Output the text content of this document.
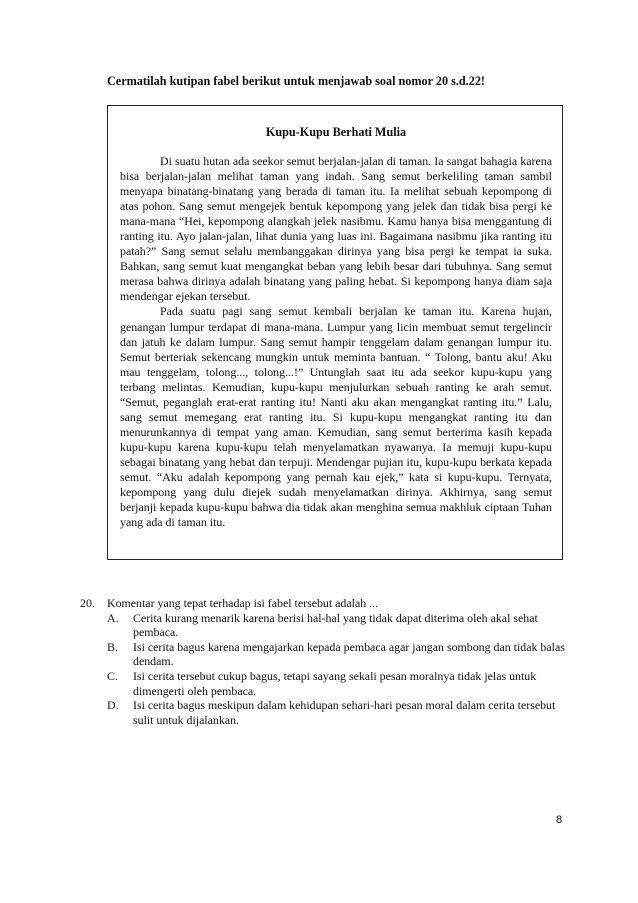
Cermatilah kutipan fabel berikut untuk menjawab soal nomor 20 s.d.22!
Kupu-Kupu Berhati Mulia

Di suatu hutan ada seekor semut berjalan-jalan di taman. Ia sangat bahagia karena bisa berjalan-jalan melihat taman yang indah. Sang semut berkeliling taman sambil menyapa binatang-binatang yang berada di taman itu. Ia melihat sebuah kepompong di atas pohon. Sang semut mengejek bentuk kepompong yang jelek dan tidak bisa pergi ke mana-mana “Hei, kepompong alangkah jelek nasibmu. Kamu hanya bisa menggantung di ranting itu. Ayo jalan-jalan, lihat dunia yang luas ini. Bagaimana nasibmu jika ranting itu patah?” Sang semut selalu membanggakan dirinya yang bisa pergi ke tempat ia suka. Bahkan, sang semut kuat mengangkat beban yang lebih besar dari tubuhnya. Sang semut merasa bahwa dirinya adalah binatang yang paling hebat. Si kepompong hanya diam saja mendengar ejekan tersebut.

Pada suatu pagi sang semut kembali berjalan ke taman itu. Karena hujan, genangan lumpur terdapat di mana-mana. Lumpur yang licin membuat semut tergelincir dan jatuh ke dalam lumpur. Sang semut hampir tenggelam dalam genangan lumpur itu. Semut berteriak sekencang mungkin untuk meminta bantuan. “ Tolong, bantu aku! Aku mau tenggelam, tolong..., tolong...!” Untunglah saat itu ada seekor kupu-kupu yang terbang melintas. Kemudian, kupu-kupu menjulurkan sebuah ranting ke arah semut. “Semut, peganglah erat-erat ranting itu! Nanti aku akan mengangkat ranting itu.” Lalu, sang semut memegang erat ranting itu. Si kupu-kupu mengangkat ranting itu dan menurunkannya di tempat yang aman. Kemudian, sang semut berterima kasih kepada kupu-kupu karena kupu-kupu telah menyelamatkan nyawanya. Ia memuji kupu-kupu sebagai binatang yang hebat dan terpuji. Mendengar pujian itu, kupu-kupu berkata kepada semut. “Aku adalah kepompong yang pernah kau ejek,” kata si kupu-kupu. Ternyata, kepompong yang dulu diejek sudah menyelamatkan dirinya. Akhirnya, sang semut berjanji kepada kupu-kupu bahwa dia tidak akan menghina semua makhluk ciptaan Tuhan yang ada di taman itu.

20.	Komentar yang tepat terhadap isi fabel tersebut adalah ...
A.	Cerita kurang menarik karena berisi hal-hal yang tidak dapat diterima oleh akal sehat pembaca.
B.	Isi cerita bagus karena mengajarkan kepada pembaca agar jangan sombong dan tidak balas dendam.
C.	Isi cerita tersebut cukup bagus, tetapi sayang sekali pesan moralnya tidak jelas untuk dimengerti oleh pembaca.
D.	Isi cerita bagus meskipun dalam kehidupan sehari-hari pesan moral dalam cerita tersebut sulit untuk dijalankan.
8
